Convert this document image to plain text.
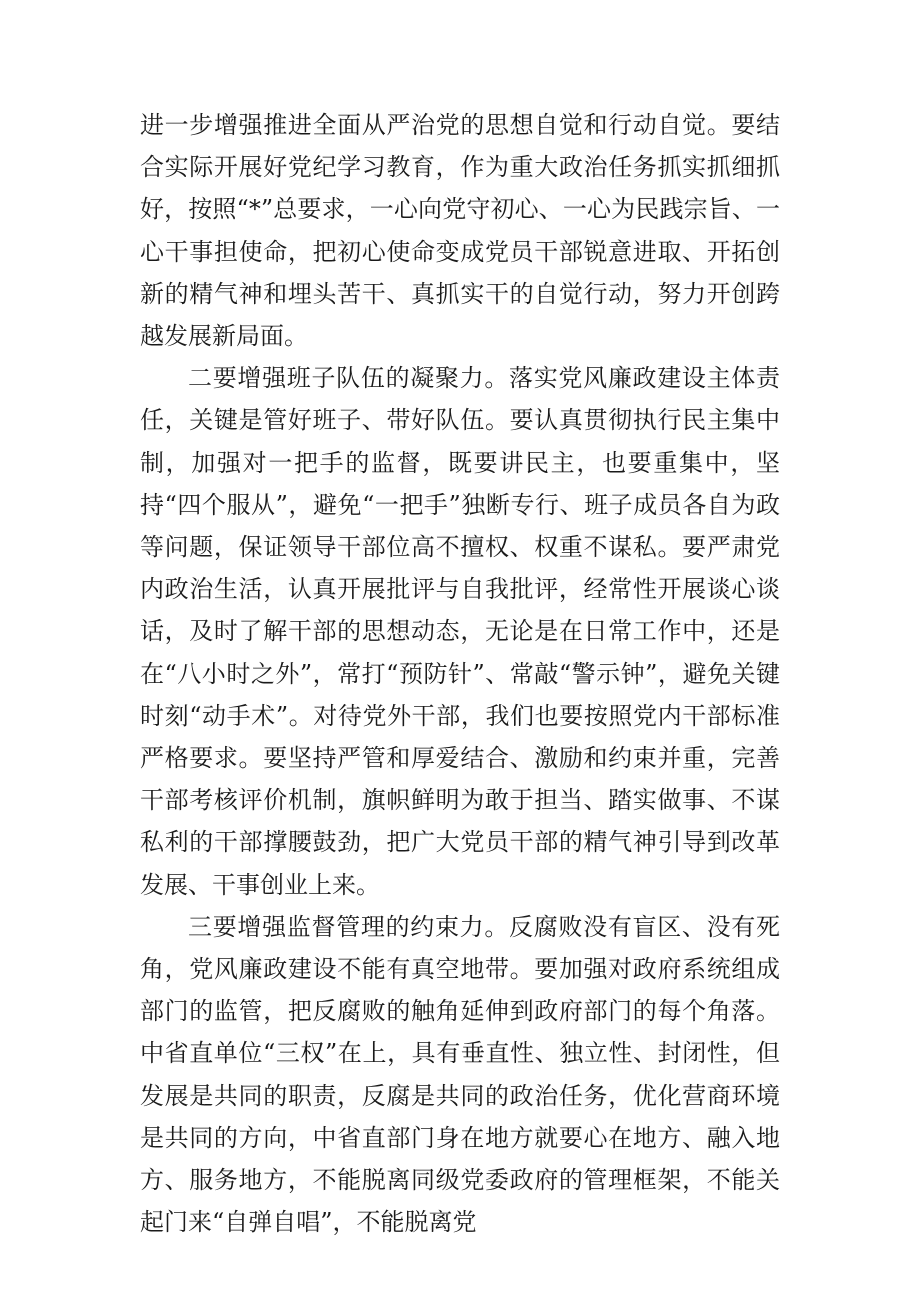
进一步增强推进全面从严治党的思想自觉和行动自觉。要结合实际开展好党纪学习教育，作为重大政治任务抓实抓细抓好，按照“*”总要求，一心向党守初心、一心为民践宗旨、一心干事担使命，把初心使命变成党员干部锐意进取、开拓创新的精气神和埋头苦干、真抓实干的自觉行动，努力开创跨越发展新局面。

二要增强班子队伍的凝聚力。落实党风廉政建设主体责任，关键是管好班子、带好队伍。要认真贯彻执行民主集中制，加强对一把手的监督，既要讲民主，也要重集中，坚持“四个服从”，避免“一把手”独断专行、班子成员各自为政等问题，保证领导干部位高不擅权、权重不谋私。要严肃党内政治生活，认真开展批评与自我批评，经常性开展谈心谈话，及时了解干部的思想动态，无论是在日常工作中，还是在“八小时之外”，常打“预防针”、常敲“警示钟”，避免关键时刻“动手术”。对待党外干部，我们也要按照党内干部标准严格要求。要坚持严管和厚爱结合、激励和约束并重，完善干部考核评价机制，旗帜鲜明为敢于担当、踏实做事、不谋私利的干部撑腰鼓劲，把广大党员干部的精气神引导到改革发展、干事创业上来。

三要增强监督管理的约束力。反腐败没有盲区、没有死角，党风廉政建设不能有真空地带。要加强对政府系统组成部门的监管，把反腐败的触角延伸到政府部门的每个角落。中省直单位“三权”在上，具有垂直性、独立性、封闭性，但发展是共同的职责，反腐是共同的政治任务，优化营商环境是共同的方向，中省直部门身在地方就要心在地方、融入地方、服务地方，不能脱离同级党委政府的管理框架，不能关起门来“自弹自唱”，不能脱离党
